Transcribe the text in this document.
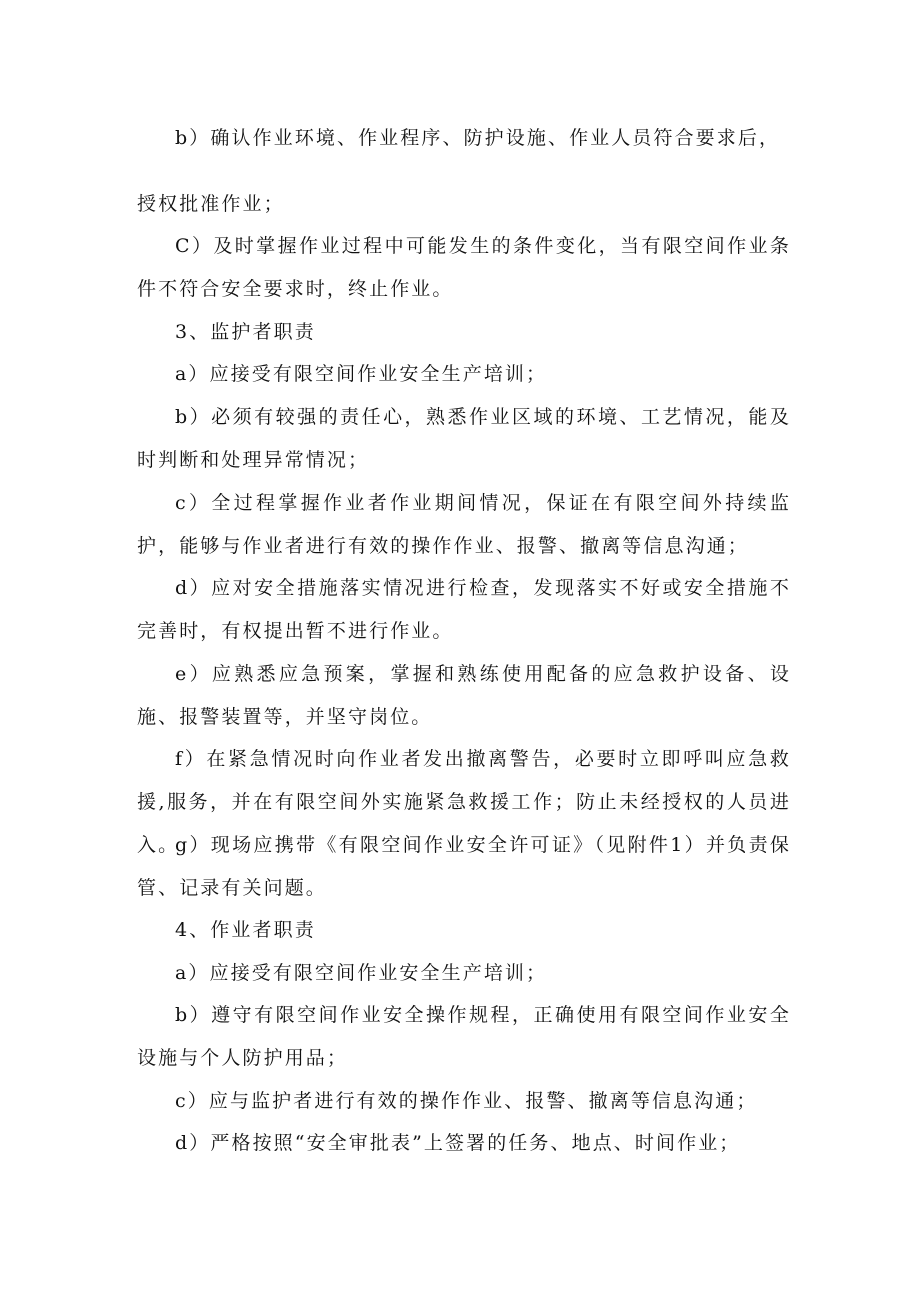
b）确认作业环境、作业程序、防护设施、作业人员符合要求后，

授权批准作业；

C）及时掌握作业过程中可能发生的条件变化，当有限空间作业条件不符合安全要求时，终止作业。

3、监护者职责

a）应接受有限空间作业安全生产培训；

b）必须有较强的责任心，熟悉作业区域的环境、工艺情况，能及时判断和处理异常情况；

c）全过程掌握作业者作业期间情况，保证在有限空间外持续监护，能够与作业者进行有效的操作作业、报警、撤离等信息沟通；

d）应对安全措施落实情况进行检查，发现落实不好或安全措施不完善时，有权提出暂不进行作业。

e）应熟悉应急预案，掌握和熟练使用配备的应急救护设备、设施、报警装置等，并坚守岗位。

f）在紧急情况时向作业者发出撤离警告，必要时立即呼叫应急救援,服务，并在有限空间外实施紧急救援工作；防止未经授权的人员进入。

g）现场应携带《有限空间作业安全许可证》（见附件1）并负责保管、记录有关问题。

4、作业者职责

a）应接受有限空间作业安全生产培训；

b）遵守有限空间作业安全操作规程，正确使用有限空间作业安全设施与个人防护用品；

c）应与监护者进行有效的操作作业、报警、撤离等信息沟通；

d）严格按照“安全审批表”上签署的任务、地点、时间作业；
